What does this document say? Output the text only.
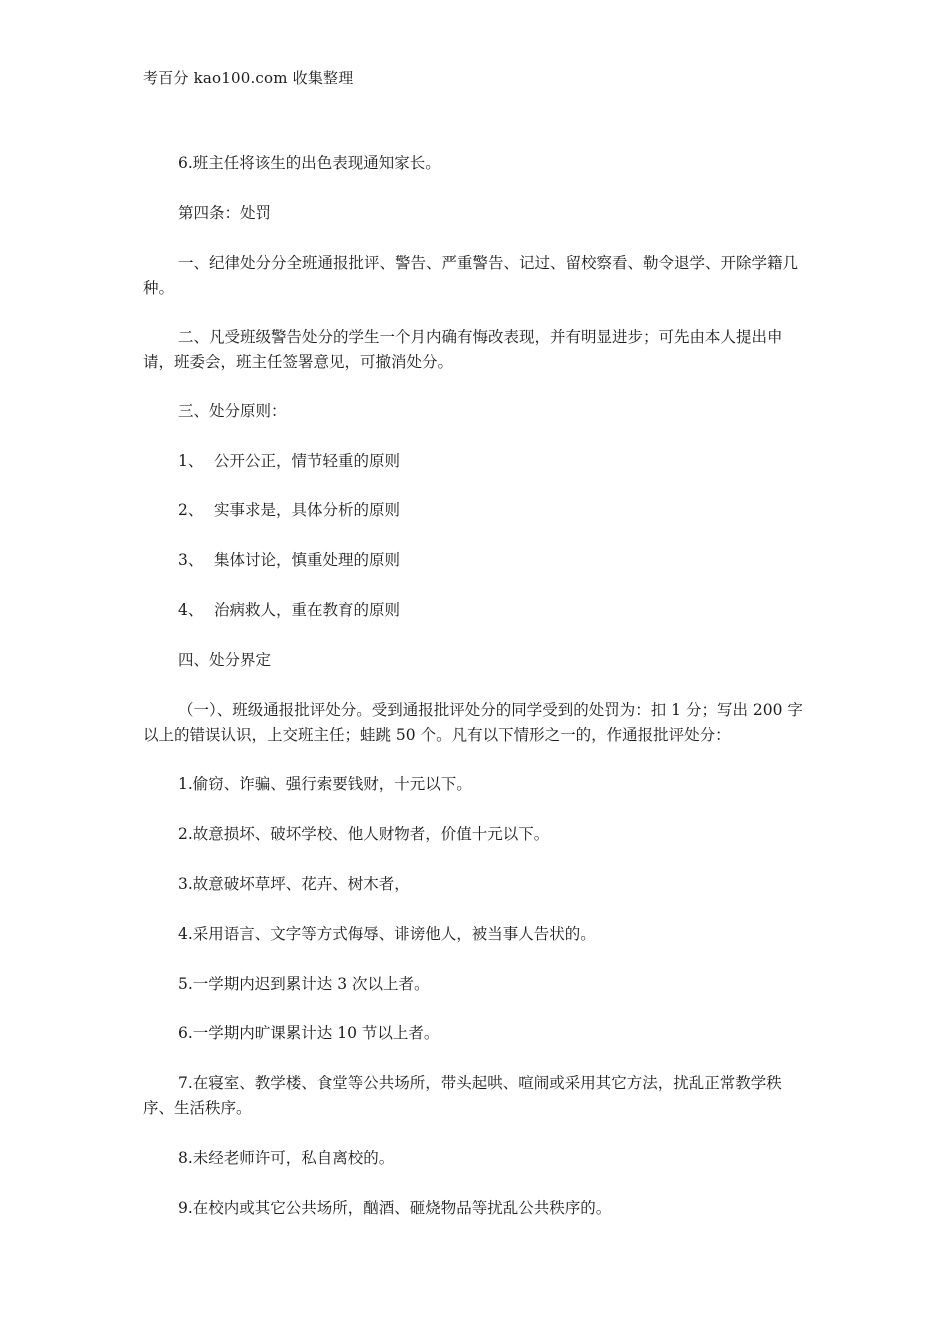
考百分 kao100.com 收集整理

6.班主任将该生的出色表现通知家长。

第四条：处罚

一、纪律处分分全班通报批评、警告、严重警告、记过、留校察看、勒令退学、开除学籍几种。

二、凡受班级警告处分的学生一个月内确有悔改表现，并有明显进步；可先由本人提出申请，班委会，班主任签署意见，可撤消处分。

三、处分原则：

1、 公开公正，情节轻重的原则
2、 实事求是，具体分析的原则
3、 集体讨论，慎重处理的原则
4、 治病救人，重在教育的原则

四、处分界定

（一）、班级通报批评处分。受到通报批评处分的同学受到的处罚为：扣 1 分；写出 200 字以上的错误认识，上交班主任；蛙跳 50 个。凡有以下情形之一的，作通报批评处分：

1.偷窃、诈骗、强行索要钱财，十元以下。

2.故意损坏、破坏学校、他人财物者，价值十元以下。

3.故意破坏草坪、花卉、树木者，

4.采用语言、文字等方式侮辱、诽谤他人，被当事人告状的。

5.一学期内迟到累计达 3 次以上者。

6.一学期内旷课累计达 10 节以上者。

7.在寝室、教学楼、食堂等公共场所，带头起哄、喧闹或采用其它方法，扰乱正常教学秩序、生活秩序。

8.未经老师许可，私自离校的。

9.在校内或其它公共场所，酗酒、砸烧物品等扰乱公共秩序的。
